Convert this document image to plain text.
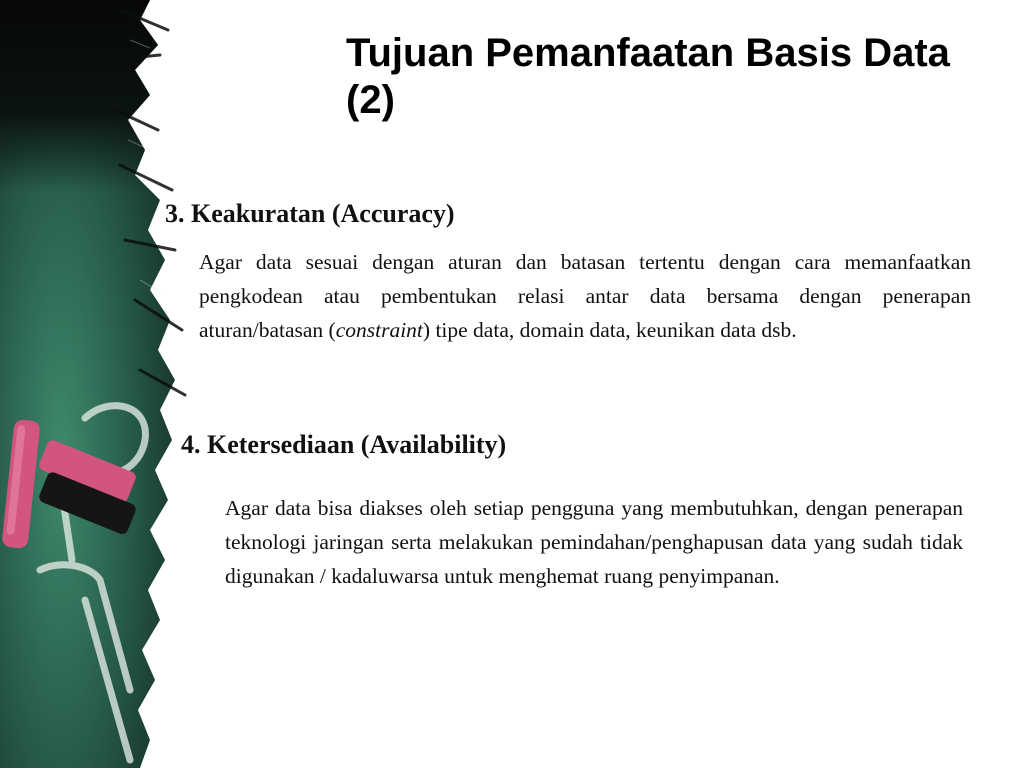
Tujuan Pemanfaatan Basis Data (2)
3. Keakuratan (Accuracy)
Agar data sesuai dengan aturan dan batasan tertentu dengan cara memanfaatkan pengkodean atau pembentukan relasi antar data bersama dengan penerapan aturan/batasan (constraint) tipe data, domain data, keunikan data dsb.
4. Ketersediaan (Availability)
Agar data bisa diakses oleh setiap pengguna yang membutuhkan, dengan penerapan teknologi jaringan serta melakukan pemindahan/penghapusan data yang sudah tidak digunakan / kadaluwarsa untuk menghemat ruang penyimpanan.
